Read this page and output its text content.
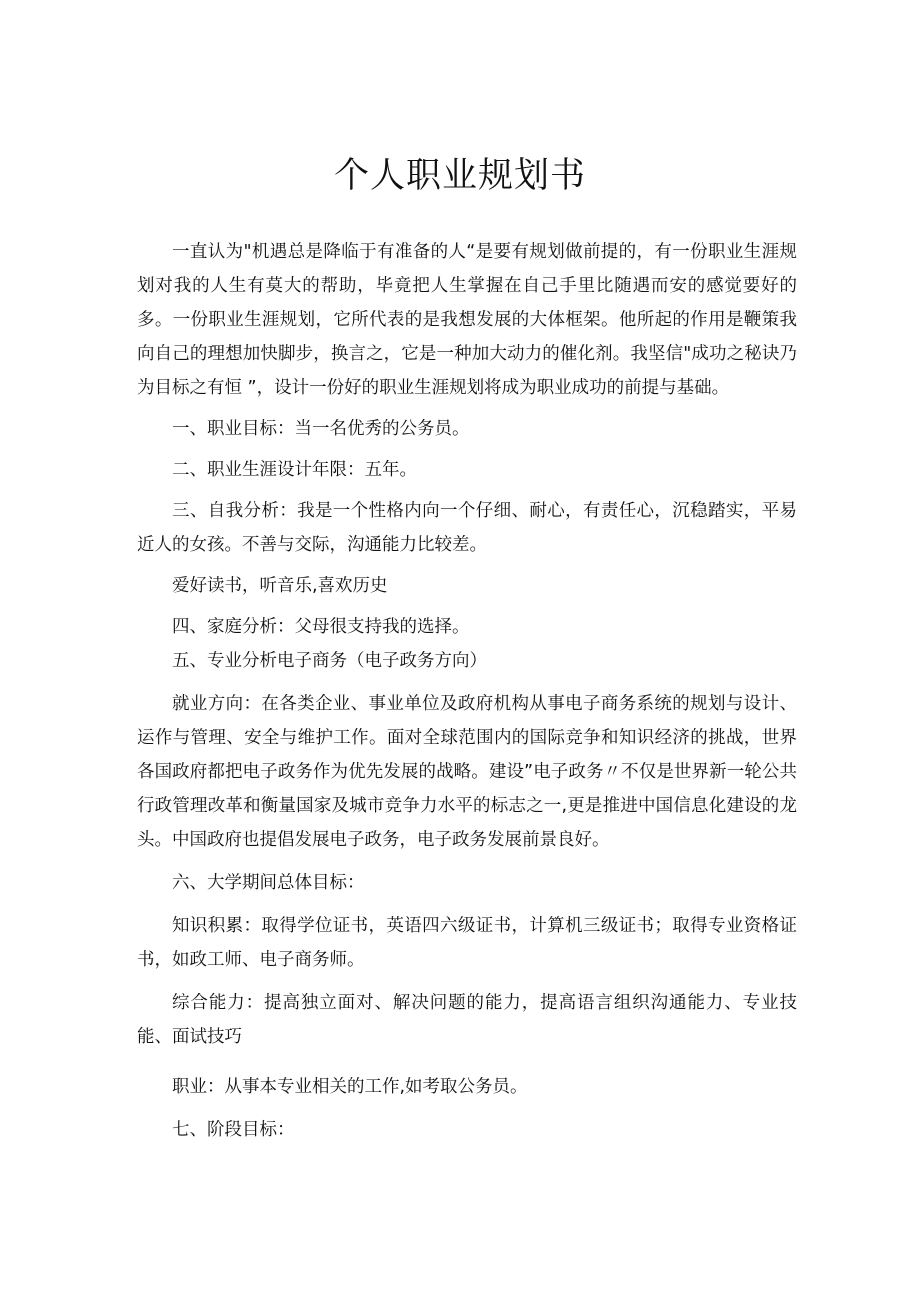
个人职业规划书

一直认为"机遇总是降临于有准备的人“是要有规划做前提的，有一份职业生涯规划对我的人生有莫大的帮助，毕竟把人生掌握在自己手里比随遇而安的感觉要好的多。一份职业生涯规划，它所代表的是我想发展的大体框架。他所起的作用是鞭策我向自己的理想加快脚步，换言之，它是一种加大动力的催化剂。我坚信"成功之秘诀乃为目标之有恒 ”，设计一份好的职业生涯规划将成为职业成功的前提与基础。

一、职业目标：当一名优秀的公务员。

二、职业生涯设计年限：五年。

三、自我分析：我是一个性格内向一个仔细、耐心，有责任心，沉稳踏实，平易近人的女孩。不善与交际，沟通能力比较差。

爱好读书，听音乐,喜欢历史

四、家庭分析：父母很支持我的选择。

五、专业分析电子商务（电子政务方向）

就业方向：在各类企业、事业单位及政府机构从事电子商务系统的规划与设计、运作与管理、安全与维护工作。面对全球范围内的国际竞争和知识经济的挑战，世界各国政府都把电子政务作为优先发展的战略。建设”电子政务〃不仅是世界新一轮公共行政管理改革和衡量国家及城市竞争力水平的标志之一,更是推进中国信息化建设的龙头。中国政府也提倡发展电子政务，电子政务发展前景良好。

六、大学期间总体目标：

知识积累：取得学位证书，英语四六级证书，计算机三级证书；取得专业资格证书，如政工师、电子商务师。

综合能力：提高独立面对、解决问题的能力，提高语言组织沟通能力、专业技能、面试技巧

职业：从事本专业相关的工作,如考取公务员。

七、阶段目标：
